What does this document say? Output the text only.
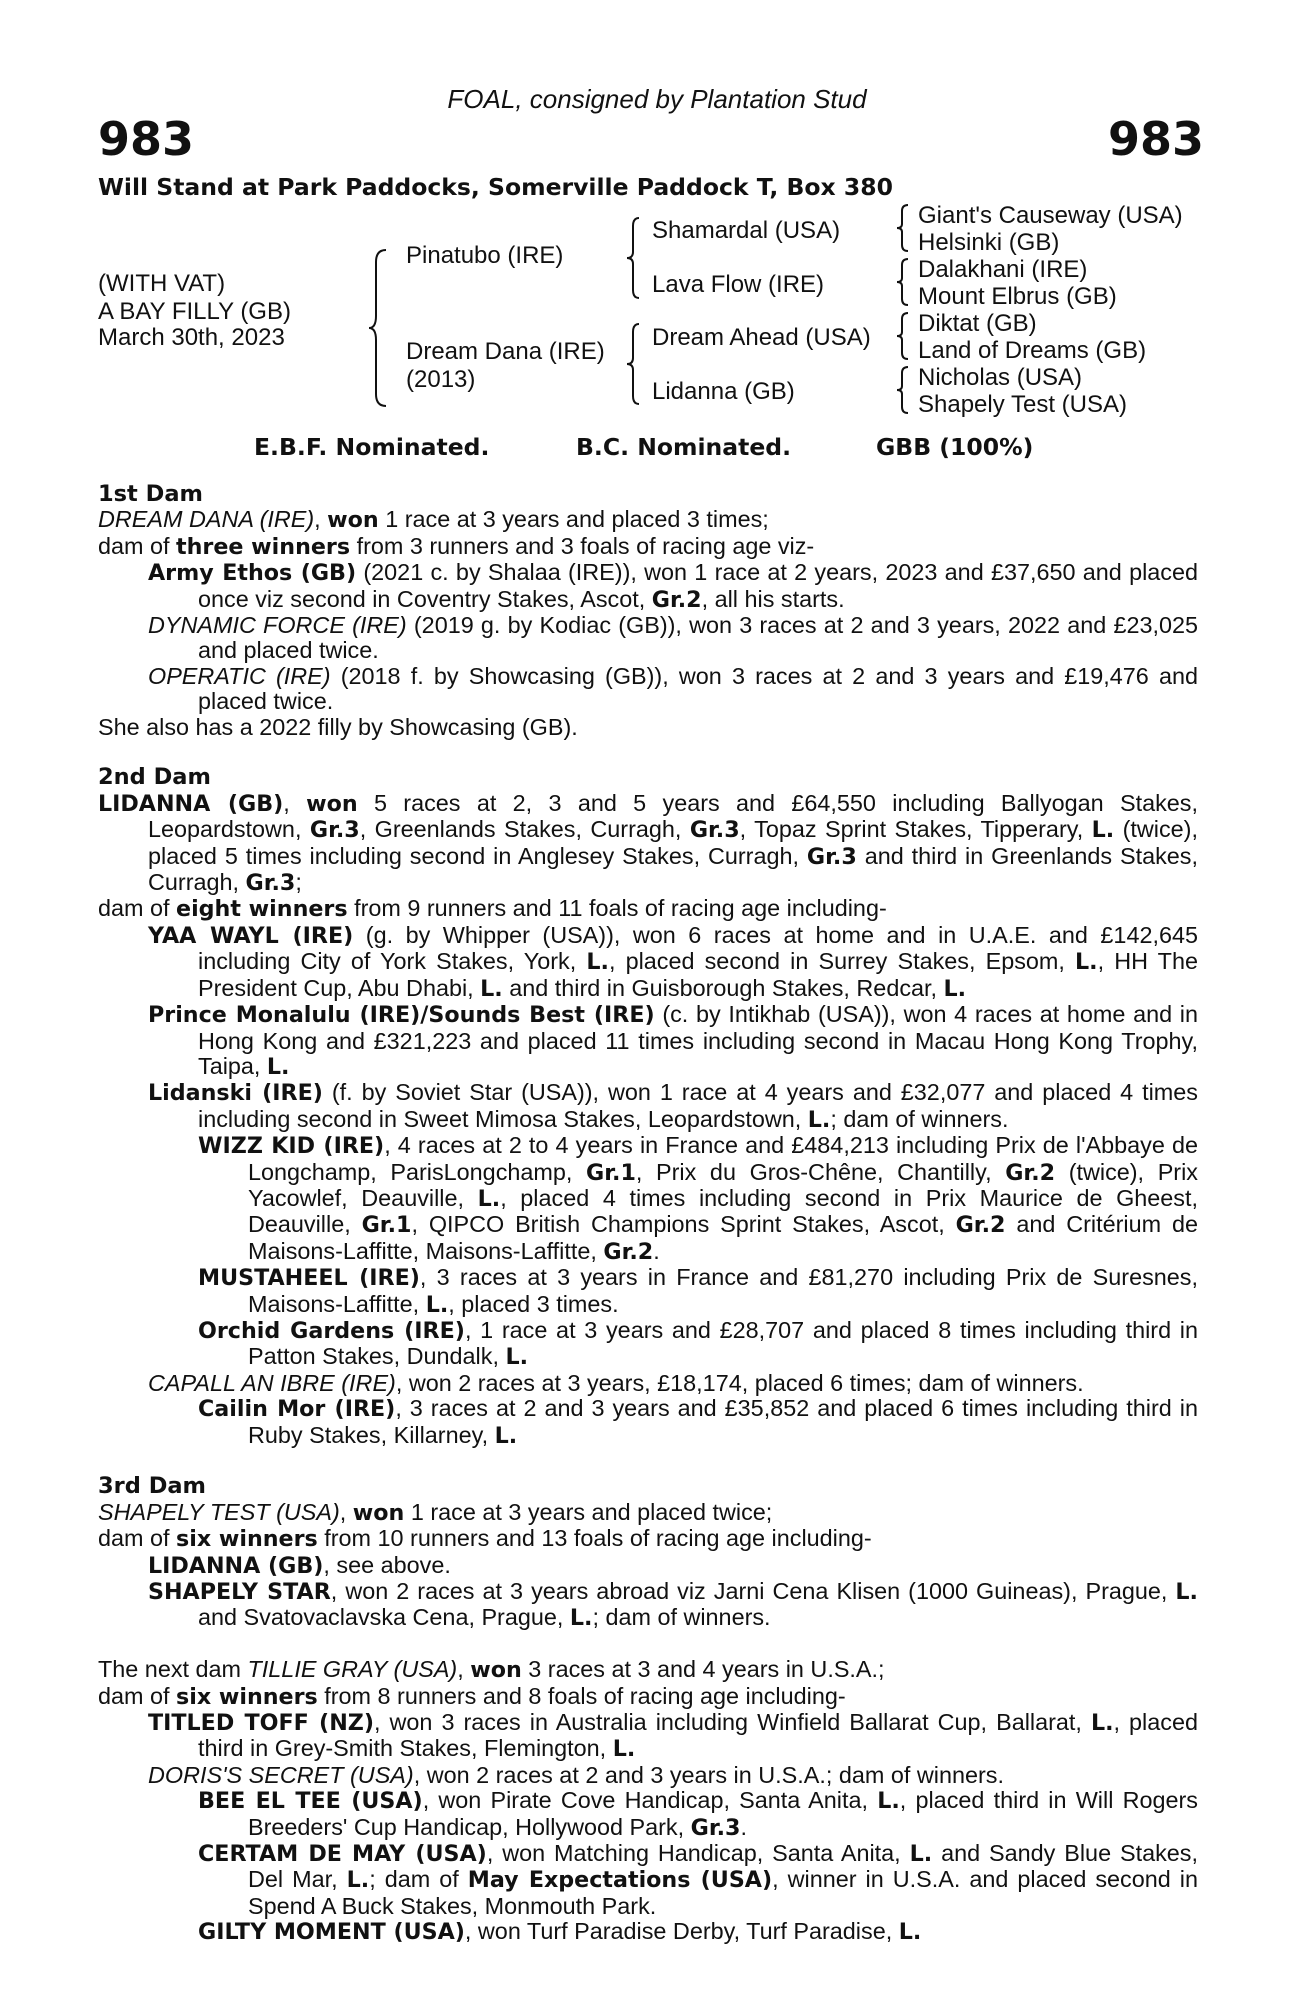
FOAL, consigned by Plantation Stud
983	983
Will Stand at Park Paddocks, Somerville Paddock T, Box 380
(WITH VAT)
A BAY FILLY (GB)
March 30th, 2023
Pinatubo (IRE)
Dream Dana (IRE)
(2013)
Shamardal (USA)
Lava Flow (IRE)
Dream Ahead (USA)
Lidanna (GB)
Giant's Causeway (USA)
Helsinki (GB)
Dalakhani (IRE)
Mount Elbrus (GB)
Diktat (GB)
Land of Dreams (GB)
Nicholas (USA)
Shapely Test (USA)
E.B.F. Nominated.	B.C. Nominated.	GBB (100%)
1st Dam
DREAM DANA (IRE), won 1 race at 3 years and placed 3 times;
dam of three winners from 3 runners and 3 foals of racing age viz-
Army Ethos (GB) (2021 c. by Shalaa (IRE)), won 1 race at 2 years, 2023 and £37,650 and placed once viz second in Coventry Stakes, Ascot, Gr.2, all his starts.
DYNAMIC FORCE (IRE) (2019 g. by Kodiac (GB)), won 3 races at 2 and 3 years, 2022 and £23,025 and placed twice.
OPERATIC (IRE) (2018 f. by Showcasing (GB)), won 3 races at 2 and 3 years and £19,476 and placed twice.
She also has a 2022 filly by Showcasing (GB).
2nd Dam
LIDANNA (GB), won 5 races at 2, 3 and 5 years and £64,550 including Ballyogan Stakes, Leopardstown, Gr.3, Greenlands Stakes, Curragh, Gr.3, Topaz Sprint Stakes, Tipperary, L. (twice), placed 5 times including second in Anglesey Stakes, Curragh, Gr.3 and third in Greenlands Stakes, Curragh, Gr.3;
dam of eight winners from 9 runners and 11 foals of racing age including-
YAA WAYL (IRE) (g. by Whipper (USA)), won 6 races at home and in U.A.E. and £142,645 including City of York Stakes, York, L., placed second in Surrey Stakes, Epsom, L., HH The President Cup, Abu Dhabi, L. and third in Guisborough Stakes, Redcar, L.
Prince Monalulu (IRE)/Sounds Best (IRE) (c. by Intikhab (USA)), won 4 races at home and in Hong Kong and £321,223 and placed 11 times including second in Macau Hong Kong Trophy, Taipa, L.
Lidanski (IRE) (f. by Soviet Star (USA)), won 1 race at 4 years and £32,077 and placed 4 times including second in Sweet Mimosa Stakes, Leopardstown, L.; dam of winners.
WIZZ KID (IRE), 4 races at 2 to 4 years in France and £484,213 including Prix de l'Abbaye de Longchamp, ParisLongchamp, Gr.1, Prix du Gros-Chêne, Chantilly, Gr.2 (twice), Prix Yacowlef, Deauville, L., placed 4 times including second in Prix Maurice de Gheest, Deauville, Gr.1, QIPCO British Champions Sprint Stakes, Ascot, Gr.2 and Critérium de Maisons-Laffitte, Maisons-Laffitte, Gr.2.
MUSTAHEEL (IRE), 3 races at 3 years in France and £81,270 including Prix de Suresnes, Maisons-Laffitte, L., placed 3 times.
Orchid Gardens (IRE), 1 race at 3 years and £28,707 and placed 8 times including third in Patton Stakes, Dundalk, L.
CAPALL AN IBRE (IRE), won 2 races at 3 years, £18,174, placed 6 times; dam of winners.
Cailin Mor (IRE), 3 races at 2 and 3 years and £35,852 and placed 6 times including third in Ruby Stakes, Killarney, L.
3rd Dam
SHAPELY TEST (USA), won 1 race at 3 years and placed twice;
dam of six winners from 10 runners and 13 foals of racing age including-
LIDANNA (GB), see above.
SHAPELY STAR, won 2 races at 3 years abroad viz Jarni Cena Klisen (1000 Guineas), Prague, L. and Svatovaclavska Cena, Prague, L.; dam of winners.
The next dam TILLIE GRAY (USA), won 3 races at 3 and 4 years in U.S.A.;
dam of six winners from 8 runners and 8 foals of racing age including-
TITLED TOFF (NZ), won 3 races in Australia including Winfield Ballarat Cup, Ballarat, L., placed third in Grey-Smith Stakes, Flemington, L.
DORIS'S SECRET (USA), won 2 races at 2 and 3 years in U.S.A.; dam of winners.
BEE EL TEE (USA), won Pirate Cove Handicap, Santa Anita, L., placed third in Will Rogers Breeders' Cup Handicap, Hollywood Park, Gr.3.
CERTAM DE MAY (USA), won Matching Handicap, Santa Anita, L. and Sandy Blue Stakes, Del Mar, L.; dam of May Expectations (USA), winner in U.S.A. and placed second in Spend A Buck Stakes, Monmouth Park.
GILTY MOMENT (USA), won Turf Paradise Derby, Turf Paradise, L.
